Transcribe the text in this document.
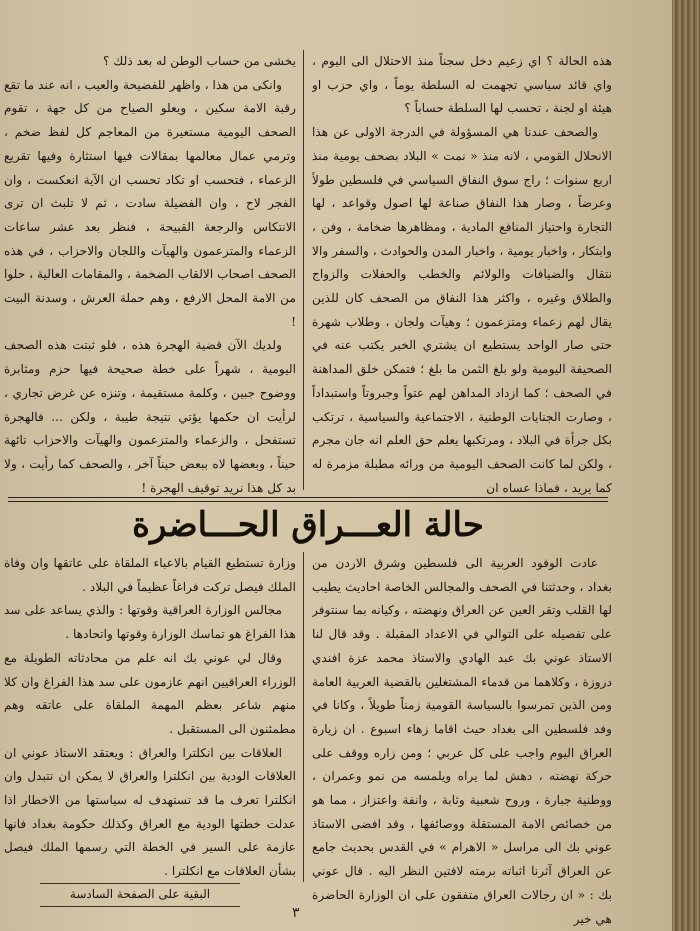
هذه الحالة ؟ اي زعيم دخل سجناً منذ الاحتلال الى اليوم ، واي قائد سياسي تجهمت له السلطة يوماً ، واي حزب او هيئة او لجنة ، تحسب لها السلطة حساباً ؟

والصحف عندنا هي المسؤولة في الدرجة الاولى عن هذا الانحلال القومي ، لانه منذ « نمت » البلاد بصحف يومية منذ اربع سنوات ؛ راج سوق النفاق السياسي في فلسطين طولاً وعرضاً ، وصار هذا النفاق صناعة لها اصول وقواعد ، لها التجارة واحتياز المنافع المادية ، ومظاهرها ضخامة ، وفن ، وابتكار ، واخبار يومية ، واخبار المدن والحوادث ، والسفر والا نتقال والضيافات والولائم والخطب والحفلات والزواج والطلاق وغيره ، واكثر هذا النفاق من الصحف كان للذين يقال لهم زعماء ومتزعمون ؛ وهيآت ولجان ، وطلاب شهرة حتى صار الواحد يستطيع ان يشتري الخبر يكتب عنه في الصحيفة اليومية ولو بلغ الثمن ما بلغ ؛ فتمكن خلق المداهنة في الصحف ؛ كما ازداد المداهن لهم عتواً وجبروتاً واستبداداً ، وصارت الجنايات الوطنية ، الاجتماعية والسياسية ، ترتكب بكل جرأة في البلاد ، ومرتكبها يعلم حق العلم انه جان مجرم ، ولكن لما كانت الصحف اليومية من ورائه مطبلة مزمرة له كما يريد ، فماذا عساه ان

يخشى من حساب الوطن له بعد ذلك ؟

وانكى من هذا ، واظهر للفضيحة والعيب ، انه عند ما تقع رقبة الامة سكين ، ويعلو الصياح من كل جهة ، تقوم الصحف اليومية مستعيرة من المعاجم كل لفظ ضخم ، وترمي عمال معالمها بمقالات فيها استثارة وفيها تقريع الزعماء ، فتحسب او تكاد تحسب ان الآية انعكست ، وان الفجر لاح ، وان الفضيلة سادت ، ثم لا تلبث ان ترى الانتكاس والرجعة القبيحة ، فنظر بعد عشر ساعات الزعماء والمتزعمون والهيآت واللجان والاحزاب ، في هذه الصحف اصحاب الالقاب الضخمة ، والمقامات العالية ، حلوا من الامة المحل الارفع ، وهم حملة العرش ، وسدنة البيت !

ولديك الآن قضية الهجرة هذه ، فلو ثبتت هذه الصحف اليومية ، شهراً على خطة صحيحة فيها حزم ومثابرة ووضوح جبين ، وكلمة مستقيمة ، وتنزه عن غرض تجاري ، لرأيت ان حكمها يؤتي نتيجة طيبة ، ولكن ... فالهجرة تستفحل ، والزعماء والمتزعمون والهيآت والاحزاب تائهة حيناً ، وبعضها لاه ببعض حيناً آخر ، والصحف كما رأيت ، ولا بد كل هذا نريد توقيف الهجرة !

حالة العـــراق الحـــاضرة

عادت الوفود العربية الى فلسطين وشرق الاردن من بغداد ، وحدثتنا في الصحف والمجالس الخاصة احاديث يطيب لها القلب وتقر العين عن العراق ونهضته ، وكيانه بما سنتوفر على تفصيله على التوالي في الاعداد المقبلة . وقد قال لنا الاستاذ عوني بك عبد الهادي والاستاذ محمد عزة افندي دروزة ، وكلاهما من قدماء المشتغلين بالقضية العربية العامة ومن الذين تمرسوا بالسياسة القومية زمناً طويلاً ، وكانا في وفد فلسطين الى بغداد حيث اقاما زهاء اسبوع . ان زيارة العراق اليوم واجب على كل عربي ؛ ومن زاره ووقف على حركة نهضته ، دهش لما يراه ويلمسه من نمو وعمران ، ووطنية جبارة ، وروح شعبية وثابة ، وانفة واعتزاز ، مما هو من خصائص الامة المستقلة ووصائفها ، وقد افضى الاستاذ عوني بك الى مراسل « الاهرام » في القدس بحديث جامع عن العراق آثرنا اثباته برمته لافتين النظر اليه . قال عوني بك : « ان رجالات العراق متفقون على ان الوزارة الحاضرة هي خير

وزارة تستطيع القيام بالاعباء الملقاة على عاتقها وان وفاة الملك فيصل تركت فراغاً عظيماً في البلاد .

مجالس الوزارة العراقية وقوتها : والذي يساعد على سد هذا الفراغ هو تماسك الوزارة وقوتها واتحادها .

وقال لي عوني بك انه علم من محادثاته الطويلة مع الوزراء العراقيين انهم عازمون على سد هذا الفراغ وان كلا منهم شاعر بعظم المهمة الملقاة على عاتقه وهم مطمئنون الى المستقبل .

العلاقات بين انكلترا والعراق : ويعتقد الاستاذ عوني ان العلاقات الودية بين انكلترا والعراق لا يمكن ان تتبدل وان انكلترا تعرف ما قد تستهدف له سياستها من الاخطار اذا عدلت خطتها الودية مع العراق وكذلك حكومة بغداد فانها عازمة على السير في الخطة التي رسمها الملك فيصل بشأن العلاقات مع انكلترا .

البقية على الصفحة السادسة
٣
